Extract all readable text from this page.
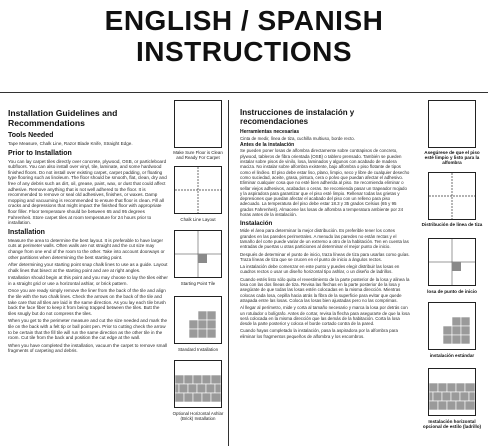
ENGLISH / SPANISH
INSTRUCTIONS
Installation Guidelines and Recommendations
Tools Needed

Tape Measure, Chalk Line, Razor Blade Knife, Straight Edge.

Prior to Installation

You can lay carpet tiles directly over concrete, plywood, OSB, or particleboard subfloors. You can also install over vinyl, tile, laminate, and some hardwood finished floors. Do not install over existing carpet, carpet padding, or floating type flooring such as linoleum. The floor should be smooth, flat, clean, dry and free of any debris such as dirt, oil, grease, paint, wax, or dust that could affect adhesive. Remove anything that is not well adhered to the floor. It is recommended to remove or seal old adhesives, finishes, or waxes. Damp mopping and vacuuming is recommended to ensure that floor is clean. Fill all cracks and depressions that might impact the finished floor with appropriate floor filler. Floor temperature should be between 65 and 95 degrees Fahrenheit. Store carpet tiles at room temperature for 24 hours prior to installation.

Installation

Measure the area to determine the best layout. It is preferable to have larger cuts at perimeter walls. Often walls are not straight and the cut size may change from one end of the room to the other. Take into account doorways or other partitions when determining the best starting point.

After determining your starting point snap chalk lines to use as a guide. Layout chalk lines that bisect at the starting point and are at right angles.

Installation should begin at this point and you may choose to lay the tiles either in a straight grid or use a horizontal ashlar, or brick pattern.

Once you are ready simply remove the liner from the back of the tile and align the tile with the two chalk lines. Check the arrows on the back of the tile and take care that all tiles are laid in the same direction. As you lay each tile brush back the face fiber to keep it from being trapped between the tiles. Butt the tiles snugly but do not compress the tiles.

When you get to the perimeter measure and cut the size needed and mark the tile on the back with a felt tip or ball point pen. Prior to cutting check the arrow to be certain that the fill tile will run the same direction as the other tile in the room. Cut tile from the back and position the cut edge at the wall.

When you have completed the installation, vacuum the carpet to remove small fragments of carpeting and debris.

Make Sure Floor is Clean and Ready For Carpet
Chalk Line Layout
Starting Point Tile
Standard Installation
Optional Horizontal Ashlar (Brick) Installation
Instrucciones de instalación y recomendaciones
Herramientas necesarias

Cinta de medir, línea de tiza, cuchilla multiuso, borde recto.

Antes de la instalación

Se pueden poner losas de alfombra directamente sobre contrapisos de concreto, plywood, tableros de fibra orientada (OSB) o tablero prensado. También se pueden instalar sobre pisos de vinilo, losa, laminados y algunos con acabado de madera maciza. No instalar sobre alfombra existente, bajo alfombra o piso flotante de tipos como el linóleo. El piso debe estar liso, plano, limpio, seco y libre de cualquier desecho como suciedad, aceite, grasa, pintura, cera o polvo que puedan afectar el adhesivo. Eliminar cualquier cosa que no esté bien adherida al piso. Se recomienda eliminar o sellar viejos adhesivos, acabados o ceras. Se recomienda pasar un trapeador mojado y la aspiradora para garantizar que el piso esté limpio. Rellenar todas las grietas y depresiones que puedan afectar el acabado del piso con un relleno para piso adecuado. La temperatura del piso debe estar 18.3 y 35 grados Celsius (65 y 95 grados Fahrenheit). Almacene las losas de alfombra a temperatura ambiente por 24 horas antes de la instalación.

Instalación

Mide el área para determinar la mejor distribución. Es preferible tener los cortes grandes en las paredes perimetrales. A menudo las paredes no están rectas y el tamaño del corte puede variar de un extremo a otro de la habitación. Ten en cuenta las entradas de puertas u otras particiones al determinar el mejor punto de inicio.

Después de determinar el punto de inicio, traza líneas de tiza para usarlas como guías. Traza líneas de tiza que se crucen en el punto de inicio a ángulos rectos.

La instalación debe comenzar en este punto y puedes elegir distribuir las losas en cuadros rectos o usar un diseño horizontal tipo ashlar, o un diseño de ladrillos.

Cuando estés listo sólo quita el revestimiento de la parte posterior de la losa y alinea la losa con las dos líneas de tiza. Revisa las flechas en la parte posterior de la losa y asegúrate de que todas las losas estén colocadas en la misma dirección. Mientras colocas cada losa, cepilla hacia atrás la fibra de la superficie para evitar que quede atrapada entre las losas. Coloca las losas bien ajustadas pero no las comprimas.

Al llegar al perímetro, mide y corta al tamaño necesario y marca la losa por detrás con un rotulador o bolígrafo. Antes de cortar, revisa la flecha para asegurarte de que la losa será colocada en la misma dirección que las demás de la habitación. Corta la losa desde la parte posterior y coloca el borde cortado contra de la pared.

Cuando hayas completado la instalación, pasa la aspiradora por la alfombra para eliminar los fragmentos pequeños de alfombra y los escombros.

Asegúrese de que el piso esté limpio y listo para la alfombra
Distribución de línea de tiza
losa de punto de inicio
instalación estándar
Instalación horizontal opcional de estilo (ladrillo)
